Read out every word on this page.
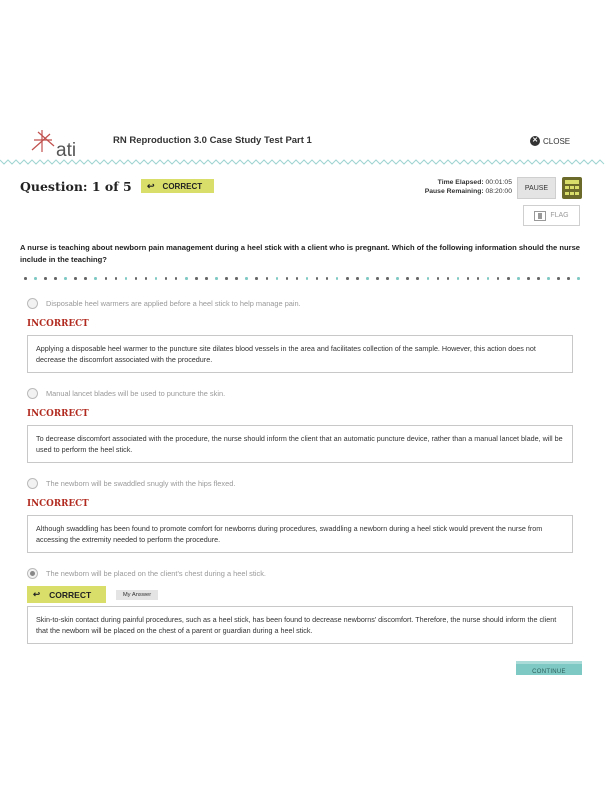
ati	RN Reproduction 3.0 Case Study Test Part 1	✕ CLOSE
Question: 1 of 5 ↩ CORRECT	Time Elapsed: 00:01:05
Pause Remaining: 08:20:00	PAUSE
FLAG
A nurse is teaching about newborn pain management during a heel stick with a client who is pregnant. Which of the following information should the nurse include in the teaching?
Disposable heel warmers are applied before a heel stick to help manage pain.
INCORRECT
Applying a disposable heel warmer to the puncture site dilates blood vessels in the area and facilitates collection of the sample. However, this action does not decrease the discomfort associated with the procedure.
Manual lancet blades will be used to puncture the skin.
INCORRECT
To decrease discomfort associated with the procedure, the nurse should inform the client that an automatic puncture device, rather than a manual lancet blade, will be used to perform the heel stick.
The newborn will be swaddled snugly with the hips flexed.
INCORRECT
Although swaddling has been found to promote comfort for newborns during procedures, swaddling a newborn during a heel stick would prevent the nurse from accessing the extremity needed to perform the procedure.
The newborn will be placed on the client's chest during a heel stick.
↩ CORRECT	My Answer
Skin-to-skin contact during painful procedures, such as a heel stick, has been found to decrease newborns' discomfort. Therefore, the nurse should inform the client that the newborn will be placed on the chest of a parent or guardian during a heel stick.
CONTINUE
